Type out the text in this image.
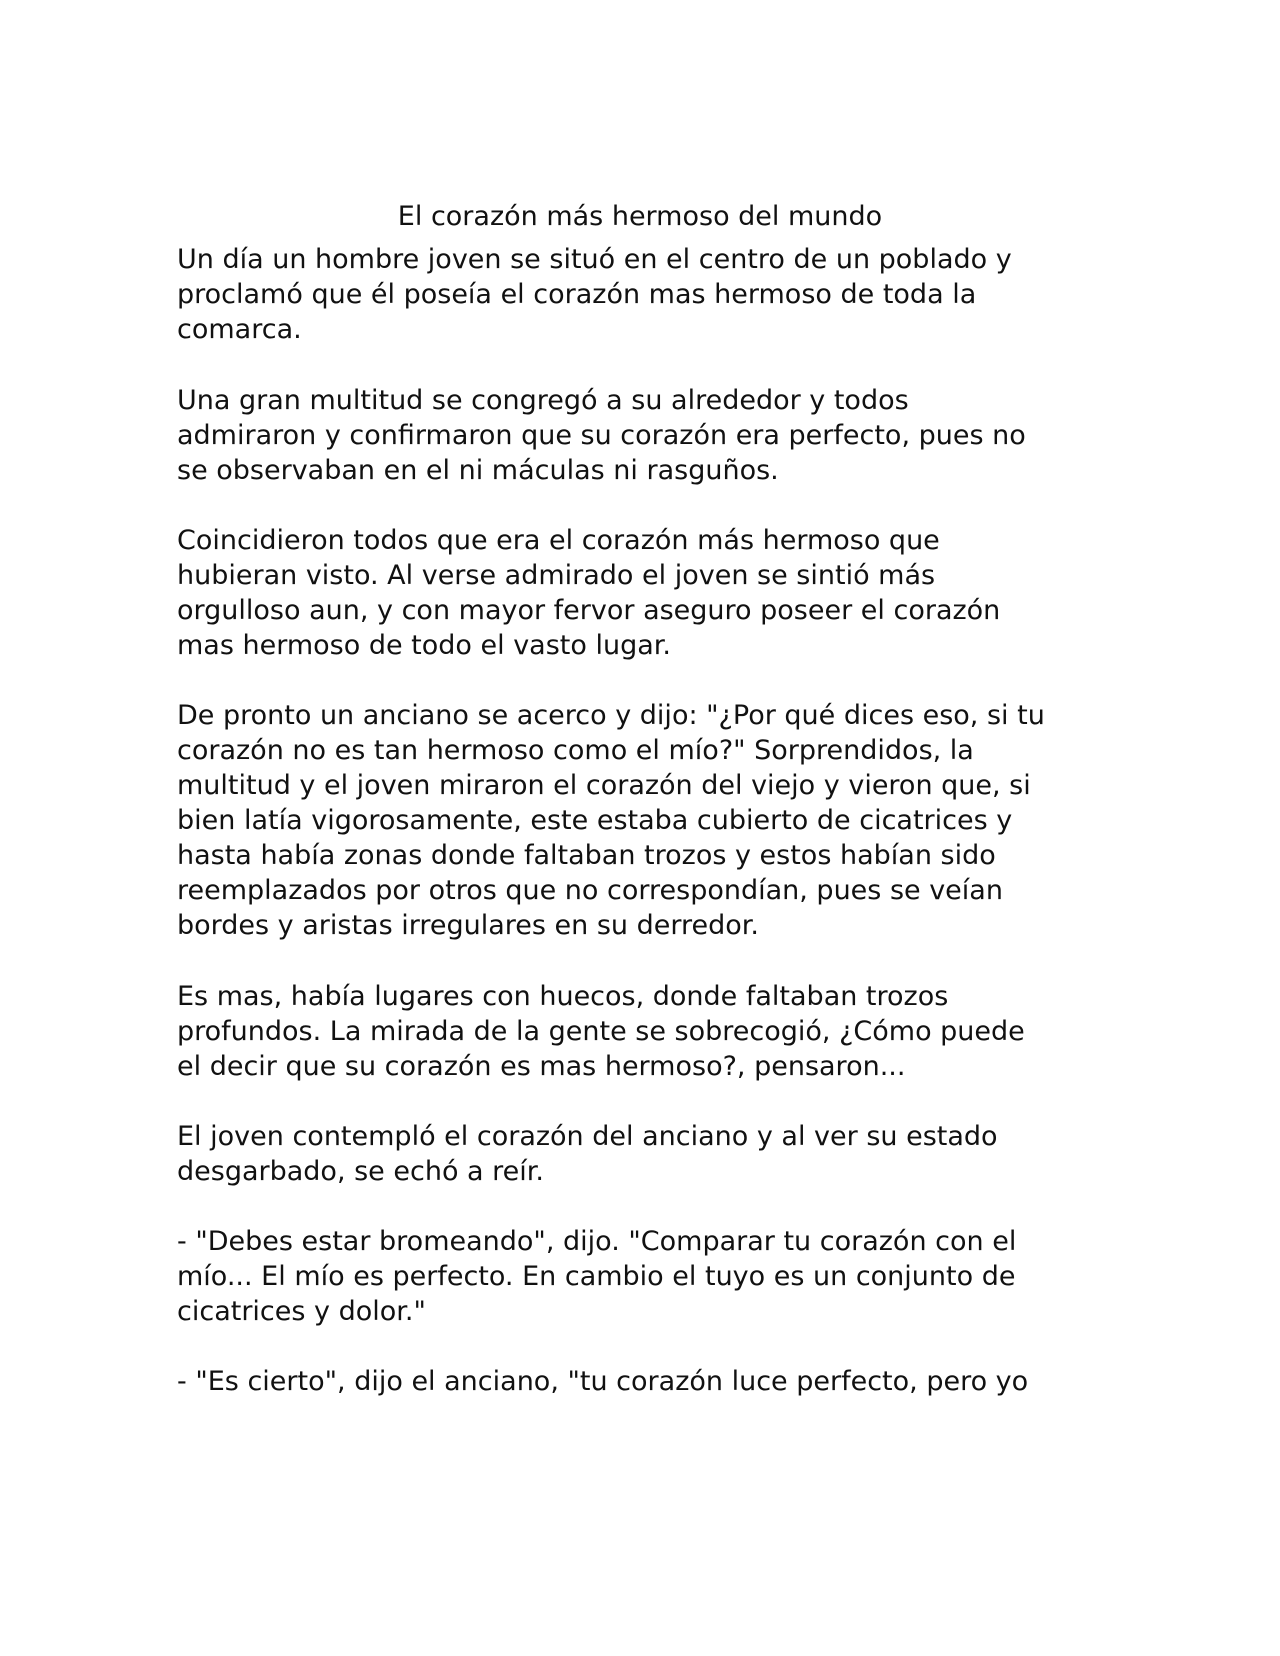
El corazón más hermoso del mundo

Un día un hombre joven se situó en el centro de un poblado y

proclamó que él poseía el corazón mas hermoso de toda la

comarca.

Una gran multitud se congregó a su alrededor y todos

admiraron y confirmaron que su corazón era perfecto, pues no

se observaban en el ni máculas ni rasguños.

Coincidieron todos que era el corazón más hermoso que

hubieran visto. Al verse admirado el joven se sintió más

orgulloso aun, y con mayor fervor aseguro poseer el corazón

mas hermoso de todo el vasto lugar.

De pronto un anciano se acerco y dijo: "¿Por qué dices eso, si tu

corazón no es tan hermoso como el mío?" Sorprendidos, la

multitud y el joven miraron el corazón del viejo y vieron que, si

bien latía vigorosamente, este estaba cubierto de cicatrices y

hasta había zonas donde faltaban trozos y estos habían sido

reemplazados por otros que no correspondían, pues se veían

bordes y aristas irregulares en su derredor.

Es mas, había lugares con huecos, donde faltaban trozos

profundos. La mirada de la gente se sobrecogió, ¿Cómo puede

el decir que su corazón es mas hermoso?, pensaron...

El joven contempló el corazón del anciano y al ver su estado

desgarbado, se echó a reír.

- "Debes estar bromeando", dijo. "Comparar tu corazón con el

mío... El mío es perfecto. En cambio el tuyo es un conjunto de

cicatrices y dolor."

- "Es cierto", dijo el anciano, "tu corazón luce perfecto, pero yo
